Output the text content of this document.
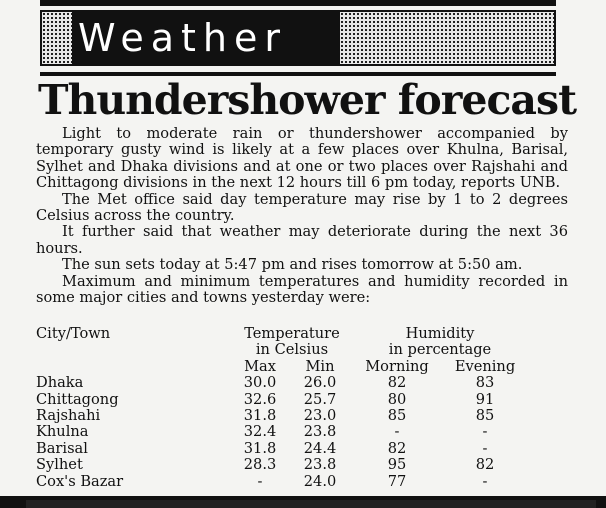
Weather
Thundershower forecast

Light to moderate rain or thundershower accompanied by temporary gusty wind is likely at a few places over Khulna, Barisal, Sylhet and Dhaka divisions and at one or two places over Rajshahi and Chittagong divisions in the next 12 hours till 6 pm today, reports UNB.

The Met office said day temperature may rise by 1 to 2 degrees Celsius across the country.

It further said that weather may deteriorate during the next 36 hours.

The sun sets today at 5:47 pm and rises tomorrow at 5:50 am.

Maximum and minimum temperatures and humidity recorded in some major cities and towns yesterday were:

City/Town	Temperature		Humidity	
	in Celsius		in percentage	
	Max	Min	Morning	Evening
Dhaka	30.0	26.0	82	83
Chittagong	32.6	25.7	80	91
Rajshahi	31.8	23.0	85	85
Khulna	32.4	23.8	-	-
Barisal	31.8	24.4	82	-
Sylhet	28.3	23.8	95	82
Cox's Bazar	-	24.0	77	-
